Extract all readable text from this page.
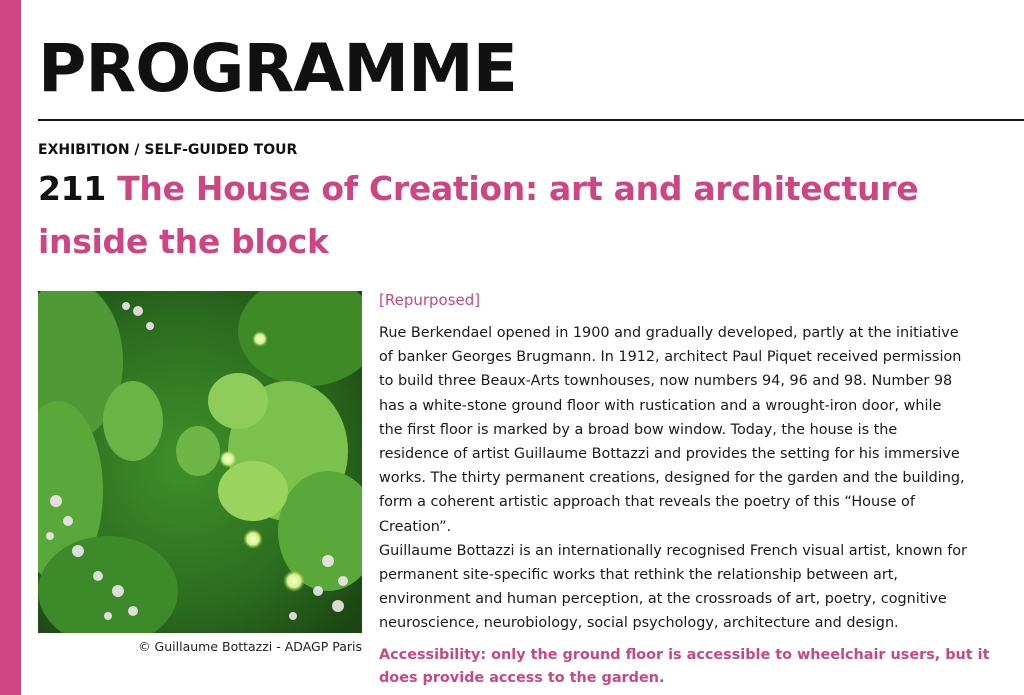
PROGRAMME
EXHIBITION / SELF-GUIDED TOUR
211 The House of Creation: art and architecture inside the block
© Guillaume Bottazzi - ADAGP Paris

[Repurposed]

Rue Berkendael opened in 1900 and gradually developed, partly at the initiative
of banker Georges Brugmann. In 1912, architect Paul Piquet received permission
to build three Beaux-Arts townhouses, now numbers 94, 96 and 98. Number 98
has a white-stone ground floor with rustication and a wrought-iron door, while
the first floor is marked by a broad bow window. Today, the house is the
residence of artist Guillaume Bottazzi and provides the setting for his immersive
works. The thirty permanent creations, designed for the garden and the building,
form a coherent artistic approach that reveals the poetry of this “House of
Creation”.
Guillaume Bottazzi is an internationally recognised French visual artist, known for
permanent site-specific works that rethink the relationship between art,
environment and human perception, at the crossroads of art, poetry, cognitive
neuroscience, neurobiology, social psychology, architecture and design.

Accessibility: only the ground floor is accessible to wheelchair users, but it
does provide access to the garden.
